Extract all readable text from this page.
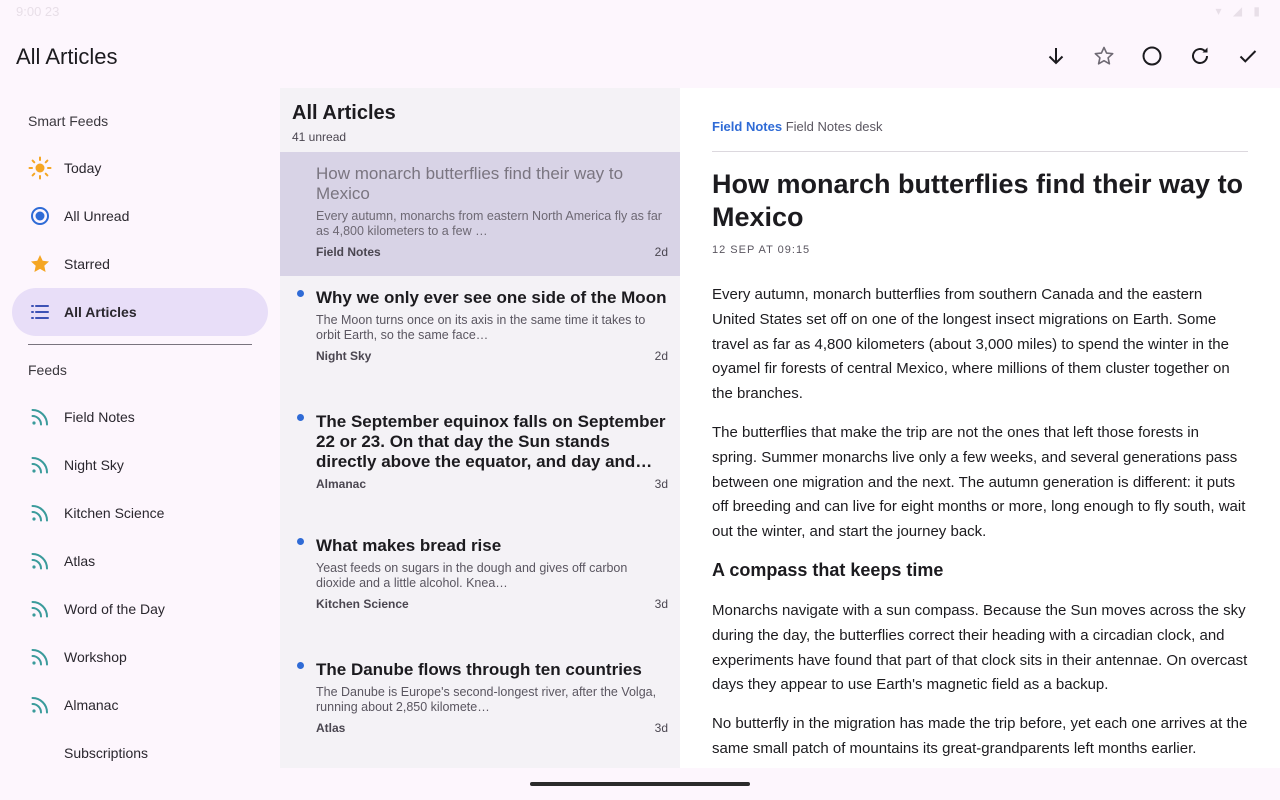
9:00 23	▾ ◢ ▮
All Articles
Smart Feeds
Today
All Unread
Starred
All Articles
Feeds
Field Notes
Night Sky
Kitchen Science
Atlas
Word of the Day
Workshop
Almanac
Subscriptions
All Articles
41 unread
How monarch butterflies find their way to Mexico
Every autumn, monarchs from eastern North America fly as far as 4,800 kilometers to a few …
Field Notes	2d
Why we only ever see one side of the Moon
The Moon turns once on its axis in the same time it takes to orbit Earth, so the same face…
Night Sky	2d
The September equinox falls on September 22 or 23. On that day the Sun stands directly above the equator, and day and…
Almanac	3d
What makes bread rise
Yeast feeds on sugars in the dough and gives off carbon dioxide and a little alcohol. Knea…
Kitchen Science	3d
The Danube flows through ten countries
The Danube is Europe's second-longest river, after the Volga, running about 2,850 kilomete…
Atlas	3d
Field Notes Field Notes desk
How monarch butterflies find their way to Mexico
12 SEP AT 09:15

Every autumn, monarch butterflies from southern Canada and the eastern United States set off on one of the longest insect migrations on Earth. Some travel as far as 4,800 kilometers (about 3,000 miles) to spend the winter in the oyamel fir forests of central Mexico, where millions of them cluster together on the branches.

The butterflies that make the trip are not the ones that left those forests in spring. Summer monarchs live only a few weeks, and several generations pass between one migration and the next. The autumn generation is different: it puts off breeding and can live for eight months or more, long enough to fly south, wait out the winter, and start the journey back.

A compass that keeps time

Monarchs navigate with a sun compass. Because the Sun moves across the sky during the day, the butterflies correct their heading with a circadian clock, and experiments have found that part of that clock sits in their antennae. On overcast days they appear to use Earth's magnetic field as a backup.

No butterfly in the migration has made the trip before, yet each one arrives at the same small patch of mountains its great-grandparents left months earlier.
